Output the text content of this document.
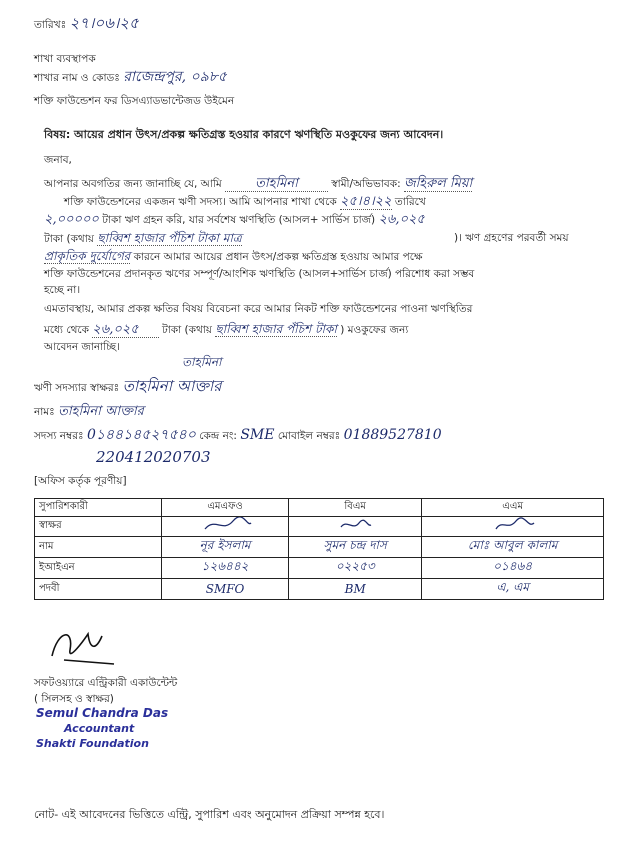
তারিখঃ ২৭।০৬।২৫
শাখা ব্যবস্থাপক
শাখার নাম ও কোডঃ রাজেন্দ্রপুর, ০৯৮৫
শক্তি ফাউন্ডেশন ফর ডিসএ্যাডভান্টেজড উইমেন
বিষয়: আয়ের প্রধান উৎস/প্রকল্প ক্ষতিগ্রস্ত হওয়ার কারণে ঋণস্থিতি মওকুফের জন্য আবেদন।
জনাব,
আপনার অবগতির জন্য জানাচ্ছি যে, আমি	তাহমিনা	স্বামী/অভিভাবক: জহিরুল মিয়া
শক্তি ফাউন্ডেশনের একজন ঋণী সদস্য। আমি আপনার শাখা থেকে ২৫।৪।২২ তারিখে
২,০০০০০ টাকা ঋণ গ্রহন করি, যার সর্বশেষ ঋণস্থিতি (আসল+ সার্ভিস চার্জ) ২৬,০২৫
টাকা (কথায় ছাব্বিশ হাজার পঁচিশ টাকা মাত্র	)। ঋণ গ্রহণের পরবর্তী সময়
প্রাকৃতিক দুর্যোগের কারনে আমার আয়ের প্রধান উৎস/প্রকল্প ক্ষতিগ্রস্ত হওয়ায় আমার পক্ষে
শক্তি ফাউন্ডেশনের প্রদানকৃত ঋণের সম্পূর্ণ/আংশিক ঋণস্থিতি (আসল+সার্ভিস চার্জ) পরিশোধ করা সম্ভব
হচ্ছে না।
এমতাবস্থায়, আমার প্রকল্প ক্ষতির বিষয় বিবেচনা করে আমার নিকট শক্তি ফাউন্ডেশনের পাওনা ঋণস্থিতির
মধ্যে থেকে ২৬,০২৫ টাকা (কথায় ছাব্বিশ হাজার পঁচিশ টাকা ) মওকুফের জন্য
আবেদন জানাচ্ছি।
তাহমিনা
ঋণী সদস্যার স্বাক্ষরঃ তাহমিনা আক্তার
নামঃ তাহমিনা আক্তার
সদস্য নম্বরঃ 0১৪৪১৪৫২৭৫৪০ কেন্দ্র নং: SME মোবাইল নম্বরঃ 01889527810
220412020703
[অফিস কর্তৃক পূরণীয়]
সুপারিশকারী	এমএফও	বিএম	এএম
স্বাক্ষর			
নাম	নূর ইসলাম	সুমন চন্দ্র দাস	মোঃ আবুল কালাম
ইআইএন	১২৬৪৪২	০২২৫৩	০১৪৬৪
পদবী	SMFO	BM	এ, এম
সফটওয়্যারে এন্ট্রিকারী একাউন্টেন্ট
( সিলসহ ও স্বাক্ষর)
Semul Chandra Das
Accountant
Shakti Foundation
নোট- এই আবেদনের ভিত্তিতে এন্ট্রি, সুপারিশ এবং অনুমোদন প্রক্রিয়া সম্পন্ন হবে।
